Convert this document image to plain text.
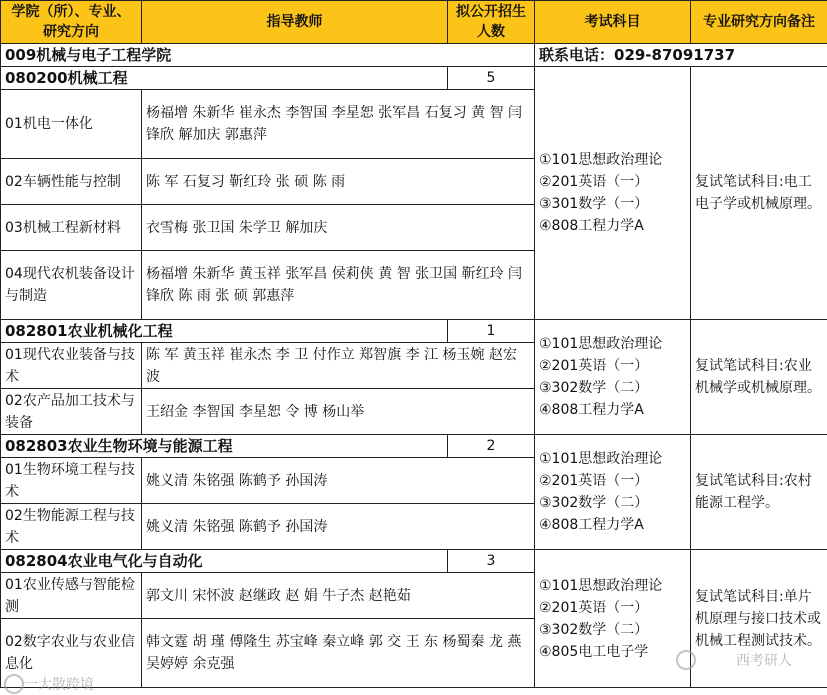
学院（所）、专业、研究方向	指导教师	拟公开招生人数	考试科目	专业研究方向备注
009机械与电子工程学院			联系电话：029-87091737	
080200机械工程		5	①101思想政治理论 ②201英语（一） ③301数学（一） ④808工程力学A	复试笔试科目:电工电子学或机械原理。
01机电一体化	杨福增 朱新华 崔永杰 李智国 李星恕 张军昌 石复习 黄 智 闫锋欣 解加庆 郭惠萍			
02车辆性能与控制	陈 军 石复习 靳红玲 张 硕 陈 雨			
03机械工程新材料	衣雪梅 张卫国 朱学卫 解加庆			
04现代农机装备设计与制造	杨福增 朱新华 黄玉祥 张军昌 侯莉侠 黄 智 张卫国 靳红玲 闫锋欣 陈 雨 张 硕 郭惠萍			
082801农业机械化工程		1	①101思想政治理论 ②201英语（一） ③302数学（二） ④808工程力学A	复试笔试科目:农业机械学或机械原理。
01现代农业装备与技术	陈 军 黄玉祥 崔永杰 李 卫 付作立 郑智旗 李 江 杨玉婉 赵宏波			
02农产品加工技术与装备	王绍金 李智国 李星恕 令 博 杨山举			
082803农业生物环境与能源工程		2	①101思想政治理论 ②201英语（一） ③302数学（二） ④808工程力学A	复试笔试科目:农村能源工程学。
01生物环境工程与技术	姚义清 朱铭强 陈鹤予 孙国涛			
02生物能源工程与技术	姚义清 朱铭强 陈鹤予 孙国涛			
082804农业电气化与自动化		3	①101思想政治理论 ②201英语（一） ③302数学（二） ④805电工电子学	复试笔试科目:单片机原理与接口技术或机械工程测试技术。
01农业传感与智能检测	郭文川 宋怀波 赵继政 赵 娟 牛子杰 赵艳茹			
02数字农业与农业信息化	韩文霆 胡 瑾 傅隆生 苏宝峰 秦立峰 郭 交 王 东 杨蜀秦 龙 燕 吴婷婷 余克强			
一大散跨境
西考研人
